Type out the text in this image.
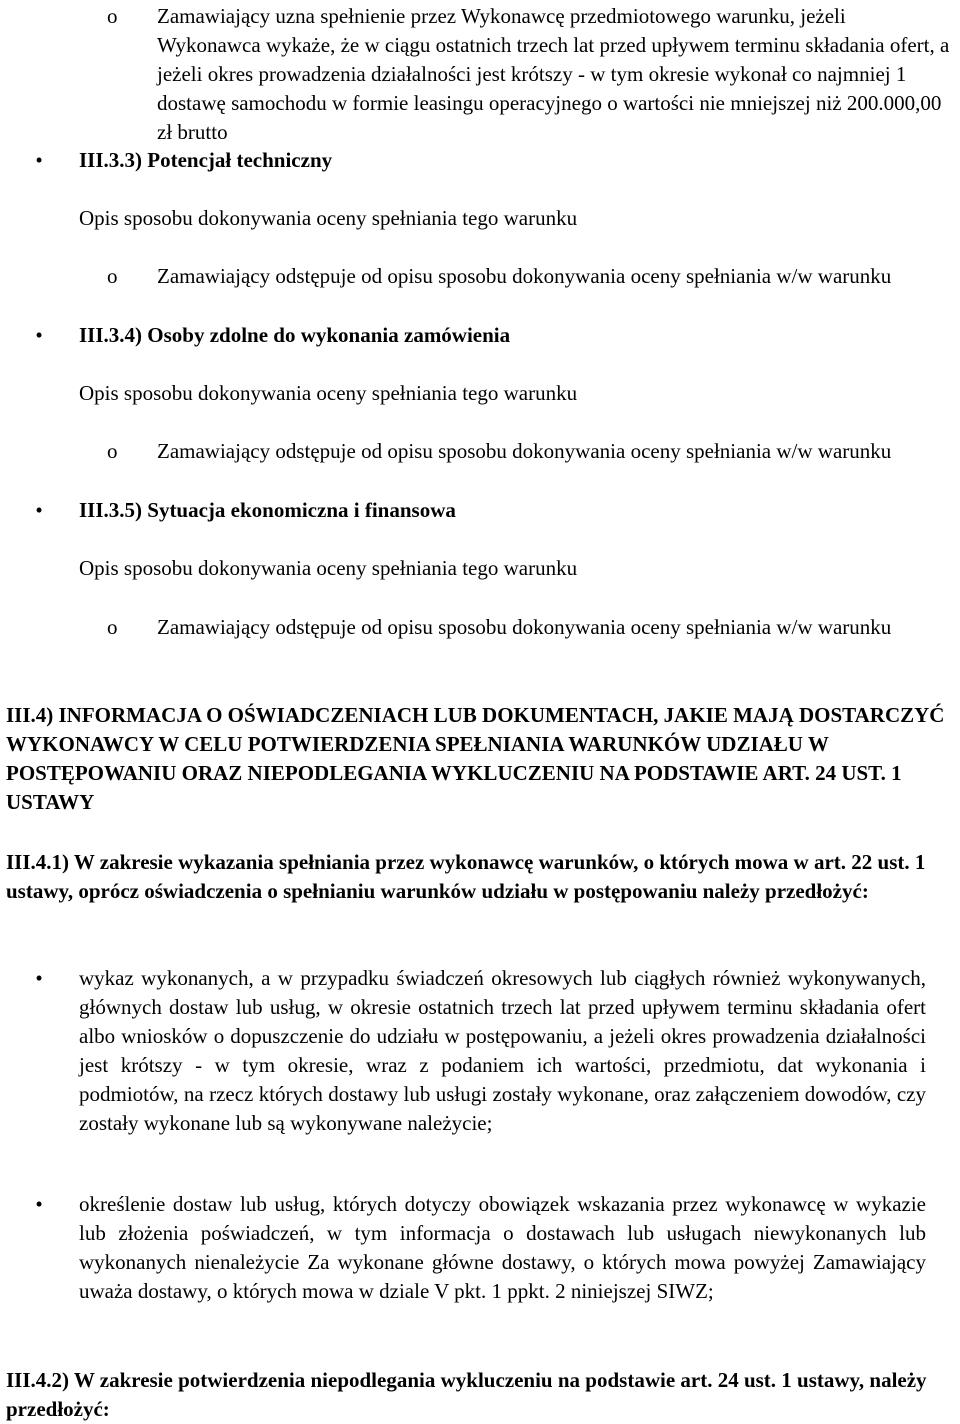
o	Zamawiający uzna spełnienie przez Wykonawcę przedmiotowego warunku, jeżeli Wykonawca wykaże, że w ciągu ostatnich trzech lat przed upływem terminu składania ofert, a jeżeli okres prowadzenia działalności jest krótszy - w tym okresie wykonał co najmniej 1 dostawę samochodu w formie leasingu operacyjnego o wartości nie mniejszej niż 200.000,00 zł brutto
• III.3.3) Potencjał techniczny
Opis sposobu dokonywania oceny spełniania tego warunku
o	Zamawiający odstępuje od opisu sposobu dokonywania oceny spełniania w/w warunku
• III.3.4) Osoby zdolne do wykonania zamówienia
Opis sposobu dokonywania oceny spełniania tego warunku
o	Zamawiający odstępuje od opisu sposobu dokonywania oceny spełniania w/w warunku
• III.3.5) Sytuacja ekonomiczna i finansowa
Opis sposobu dokonywania oceny spełniania tego warunku
o	Zamawiający odstępuje od opisu sposobu dokonywania oceny spełniania w/w warunku
III.4) INFORMACJA O OŚWIADCZENIACH LUB DOKUMENTACH, JAKIE MAJĄ DOSTARCZYĆ WYKONAWCY W CELU POTWIERDZENIA SPEŁNIANIA WARUNKÓW UDZIAŁU W POSTĘPOWANIU ORAZ NIEPODLEGANIA WYKLUCZENIU NA PODSTAWIE ART. 24 UST. 1 USTAWY
III.4.1) W zakresie wykazania spełniania przez wykonawcę warunków, o których mowa w art. 22 ust. 1 ustawy, oprócz oświadczenia o spełnianiu warunków udziału w postępowaniu należy przedłożyć:
• wykaz wykonanych, a w przypadku świadczeń okresowych lub ciągłych również wykonywanych, głównych dostaw lub usług, w okresie ostatnich trzech lat przed upływem terminu składania ofert albo wniosków o dopuszczenie do udziału w postępowaniu, a jeżeli okres prowadzenia działalności jest krótszy - w tym okresie, wraz z podaniem ich wartości, przedmiotu, dat wykonania i podmiotów, na rzecz których dostawy lub usługi zostały wykonane, oraz załączeniem dowodów, czy zostały wykonane lub są wykonywane należycie;
• określenie dostaw lub usług, których dotyczy obowiązek wskazania przez wykonawcę w wykazie lub złożenia poświadczeń, w tym informacja o dostawach lub usługach niewykonanych lub wykonanych nienależycie Za wykonane główne dostawy, o których mowa powyżej Zamawiający uważa dostawy, o których mowa w dziale V pkt. 1 ppkt. 2 niniejszej SIWZ;
III.4.2) W zakresie potwierdzenia niepodlegania wykluczeniu na podstawie art. 24 ust. 1 ustawy, należy przedłożyć:
